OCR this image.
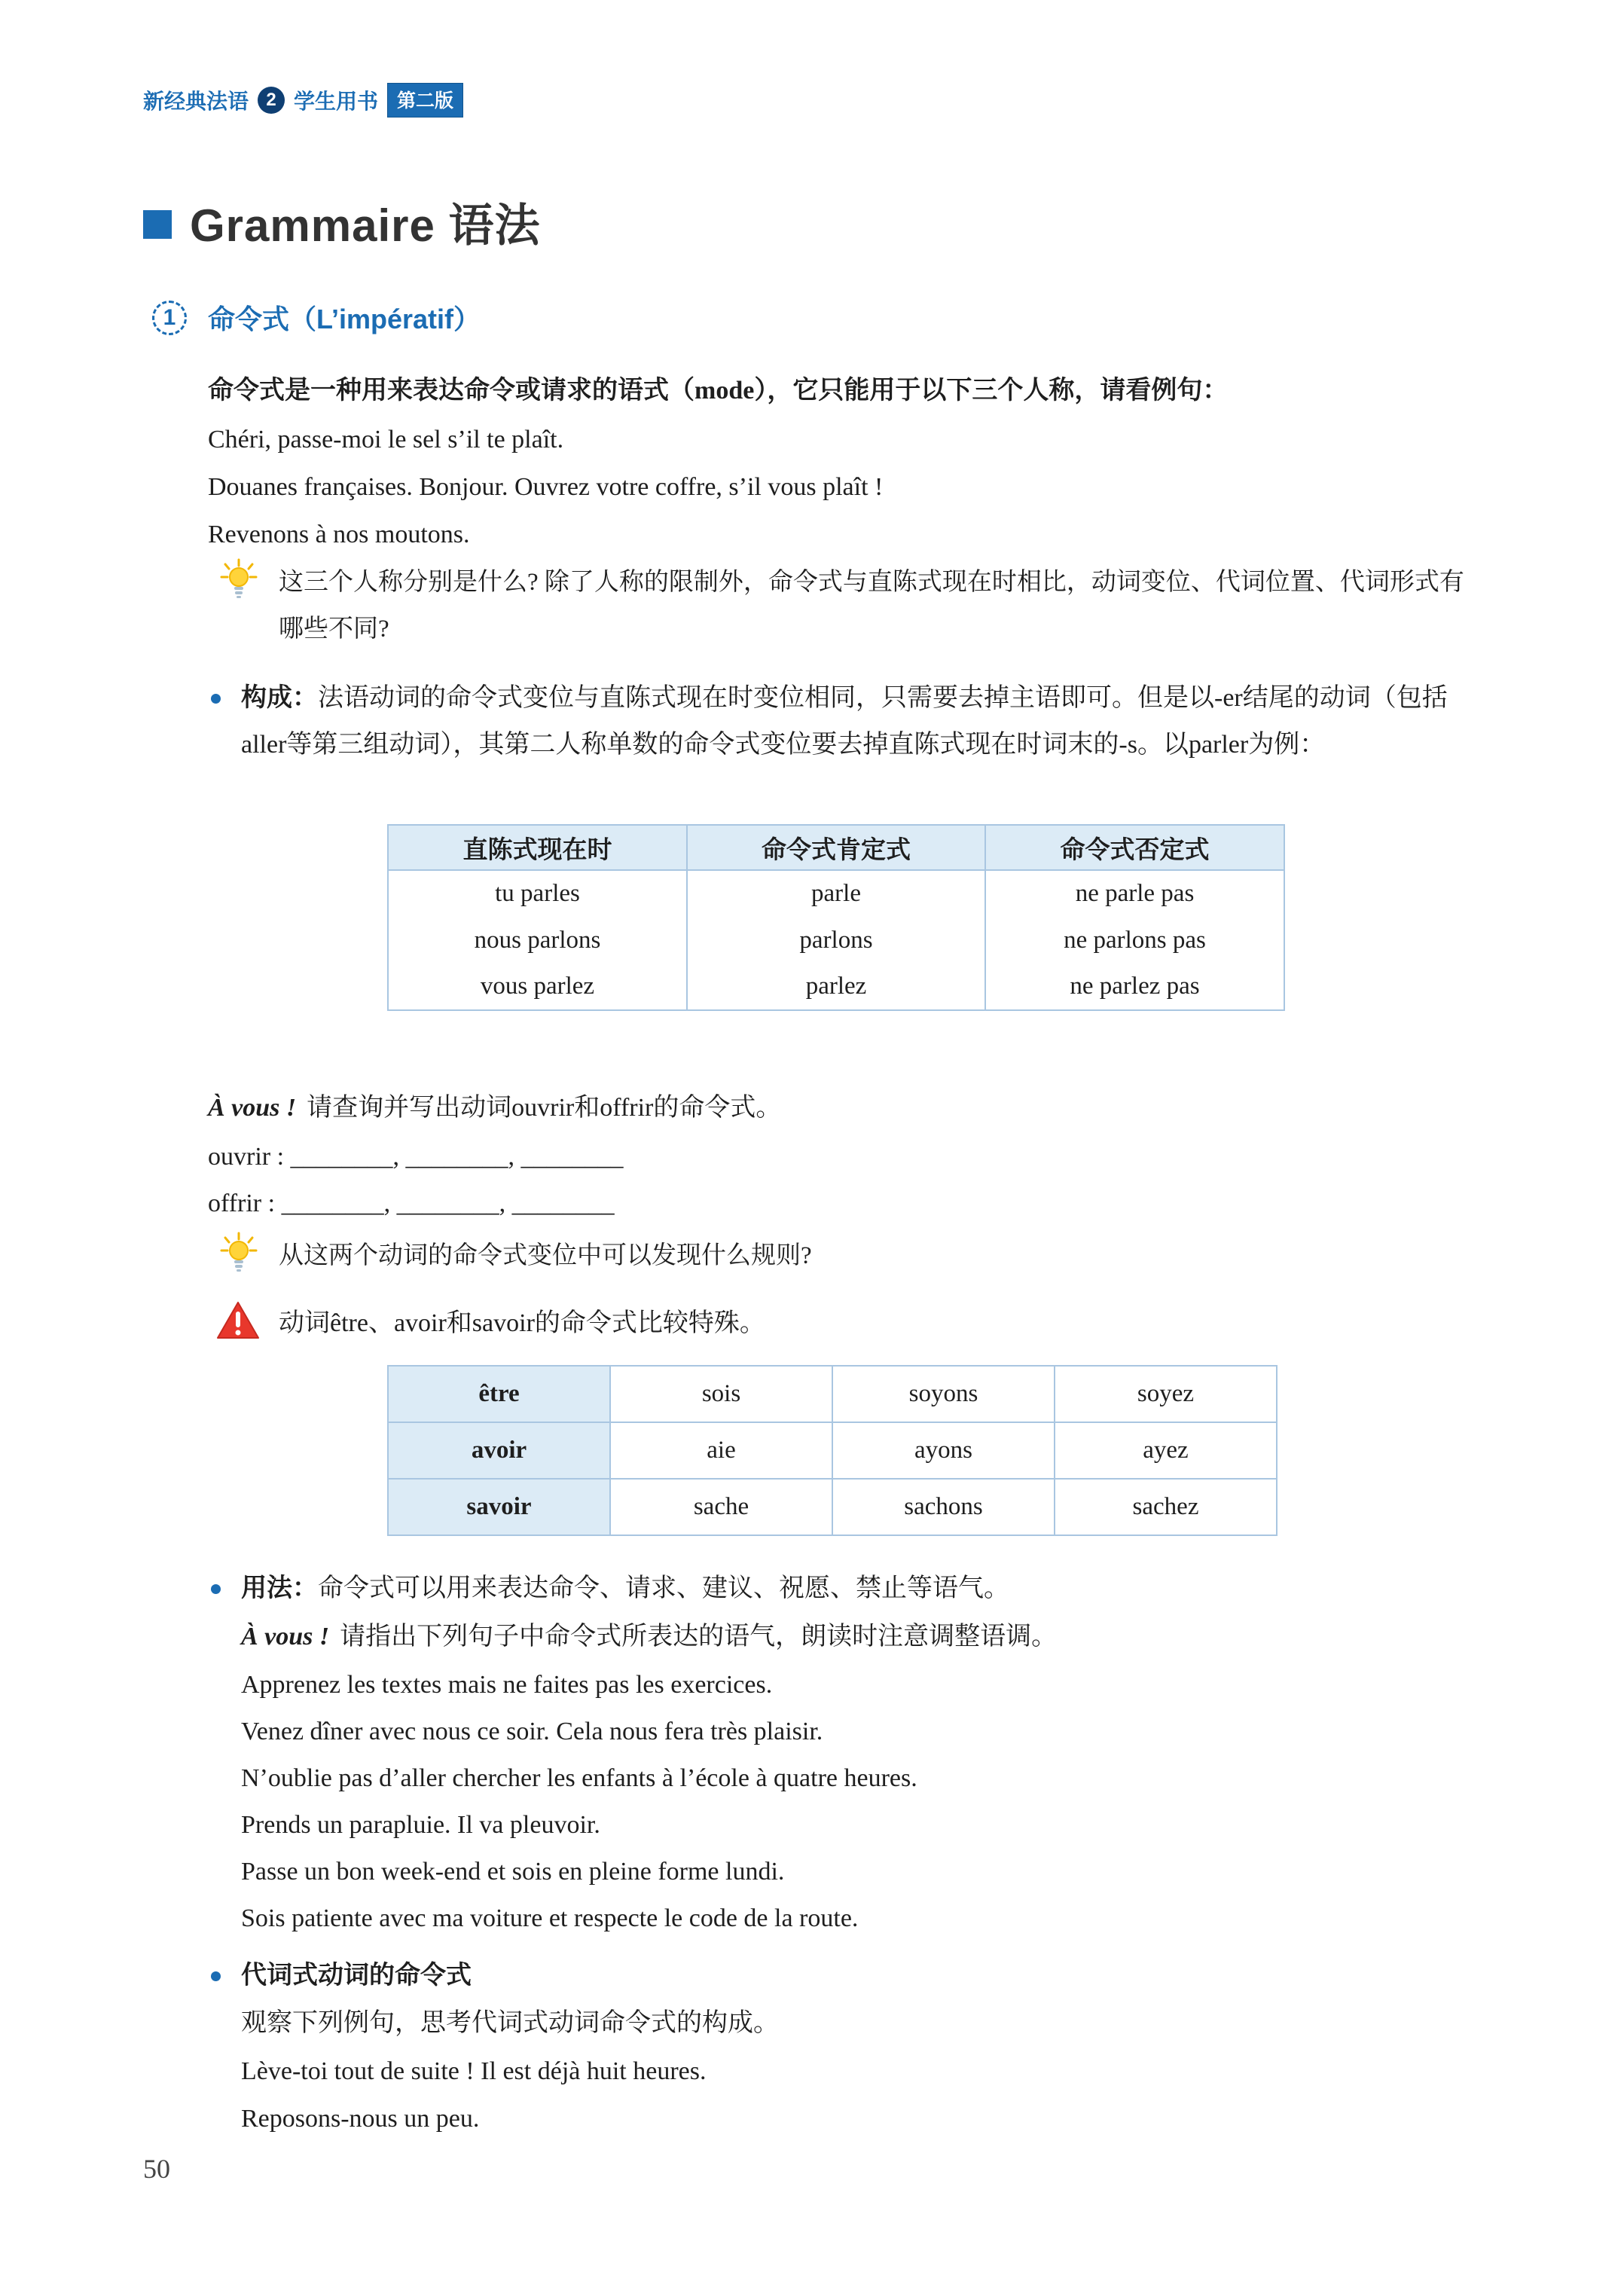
新经典法语 2 学生用书	第二版
Grammaire 语法
1	命令式（L’impératif）

命令式是一种用来表达命令或请求的语式（mode），它只能用于以下三个人称，请看例句：

Chéri, passe-moi le sel s’il te plaît.

Douanes françaises. Bonjour. Ouvrez votre coffre, s’il vous plaît !

Revenons à nos moutons.

这三个人称分别是什么? 除了人称的限制外，命令式与直陈式现在时相比，动词变位、代词位置、代词形式有哪些不同?

构成：法语动词的命令式变位与直陈式现在时变位相同，只需要去掉主语即可。但是以-er结尾的动词（包括aller等第三组动词），其第二人称单数的命令式变位要去掉直陈式现在时词末的-s。以parler为例：

直陈式现在时	命令式肯定式	命令式否定式
tu parles	parle	ne parle pas
nous parlons	parlons	ne parlons pas
vous parlez	parlez	ne parlez pas

À vous ! 请查询并写出动词ouvrir和offrir的命令式。

ouvrir : ________, ________, ________

offrir : ________, ________, ________

从这两个动词的命令式变位中可以发现什么规则?

动词être、avoir和savoir的命令式比较特殊。

être	sois	soyons	soyez
avoir	aie	ayons	ayez
savoir	sache	sachons	sachez

用法：命令式可以用来表达命令、请求、建议、祝愿、禁止等语气。

À vous ! 请指出下列句子中命令式所表达的语气，朗读时注意调整语调。

Apprenez les textes mais ne faites pas les exercices.

Venez dîner avec nous ce soir. Cela nous fera très plaisir.

N’oublie pas d’aller chercher les enfants à l’école à quatre heures.

Prends un parapluie. Il va pleuvoir.

Passe un bon week-end et sois en pleine forme lundi.

Sois patiente avec ma voiture et respecte le code de la route.

代词式动词的命令式

观察下列例句，思考代词式动词命令式的构成。

Lève-toi tout de suite ! Il est déjà huit heures.

Reposons-nous un peu.

50
